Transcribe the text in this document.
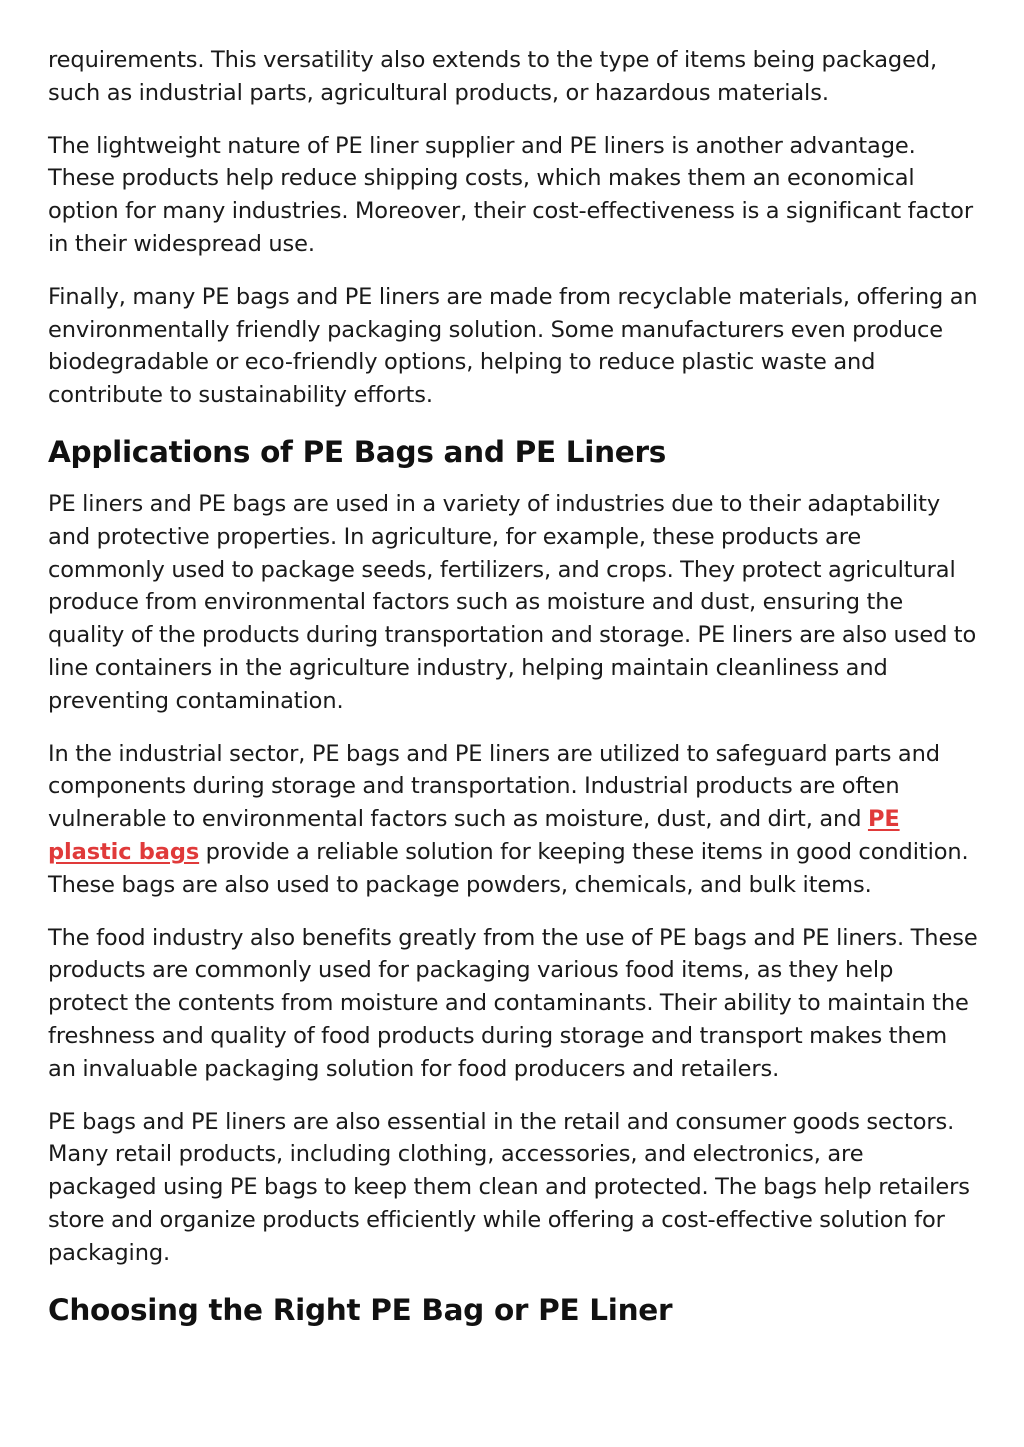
requirements. This versatility also extends to the type of items being packaged, such as industrial parts, agricultural products, or hazardous materials.

The lightweight nature of PE liner supplier and PE liners is another advantage. These products help reduce shipping costs, which makes them an economical option for many industries. Moreover, their cost-effectiveness is a significant factor in their widespread use.

Finally, many PE bags and PE liners are made from recyclable materials, offering an environmentally friendly packaging solution. Some manufacturers even produce biodegradable or eco-friendly options, helping to reduce plastic waste and contribute to sustainability efforts.

Applications of PE Bags and PE Liners

PE liners and PE bags are used in a variety of industries due to their adaptability and protective properties. In agriculture, for example, these products are commonly used to package seeds, fertilizers, and crops. They protect agricultural produce from environmental factors such as moisture and dust, ensuring the quality of the products during transportation and storage. PE liners are also used to line containers in the agriculture industry, helping maintain cleanliness and preventing contamination.

In the industrial sector, PE bags and PE liners are utilized to safeguard parts and components during storage and transportation. Industrial products are often vulnerable to environmental factors such as moisture, dust, and dirt, and PE plastic bags provide a reliable solution for keeping these items in good condition. These bags are also used to package powders, chemicals, and bulk items.

The food industry also benefits greatly from the use of PE bags and PE liners. These products are commonly used for packaging various food items, as they help protect the contents from moisture and contaminants. Their ability to maintain the freshness and quality of food products during storage and transport makes them an invaluable packaging solution for food producers and retailers.

PE bags and PE liners are also essential in the retail and consumer goods sectors. Many retail products, including clothing, accessories, and electronics, are packaged using PE bags to keep them clean and protected. The bags help retailers store and organize products efficiently while offering a cost-effective solution for packaging.

Choosing the Right PE Bag or PE Liner
